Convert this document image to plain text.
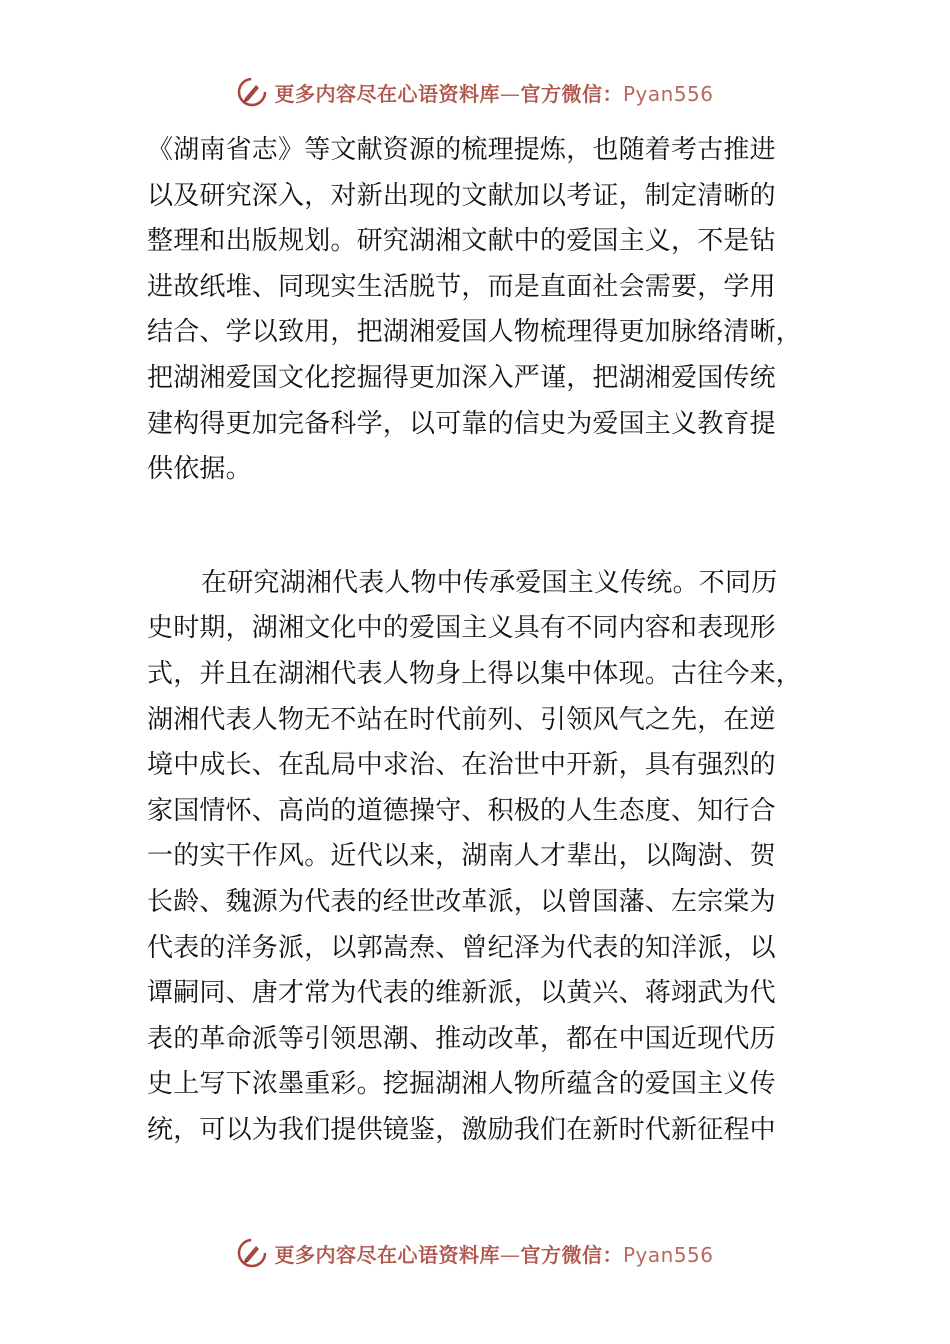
更多内容尽在心语资料库—官方微信：Pyan556

《湖南省志》等文献资源的梳理提炼，也随着考古推进
以及研究深入，对新出现的文献加以考证，制定清晰的
整理和出版规划。研究湖湘文献中的爱国主义，不是钻
进故纸堆、同现实生活脱节，而是直面社会需要，学用
结合、学以致用，把湖湘爱国人物梳理得更加脉络清晰，
把湖湘爱国文化挖掘得更加深入严谨，把湖湘爱国传统
建构得更加完备科学，以可靠的信史为爱国主义教育提
供依据。

在研究湖湘代表人物中传承爱国主义传统。不同历
史时期，湖湘文化中的爱国主义具有不同内容和表现形
式，并且在湖湘代表人物身上得以集中体现。古往今来，
湖湘代表人物无不站在时代前列、引领风气之先，在逆
境中成长、在乱局中求治、在治世中开新，具有强烈的
家国情怀、高尚的道德操守、积极的人生态度、知行合
一的实干作风。近代以来，湖南人才辈出，以陶澍、贺
长龄、魏源为代表的经世改革派，以曾国藩、左宗棠为
代表的洋务派，以郭嵩焘、曾纪泽为代表的知洋派，以
谭嗣同、唐才常为代表的维新派，以黄兴、蒋翊武为代
表的革命派等引领思潮、推动改革，都在中国近现代历
史上写下浓墨重彩。挖掘湖湘人物所蕴含的爱国主义传
统，可以为我们提供镜鉴，激励我们在新时代新征程中

更多内容尽在心语资料库—官方微信：Pyan556
